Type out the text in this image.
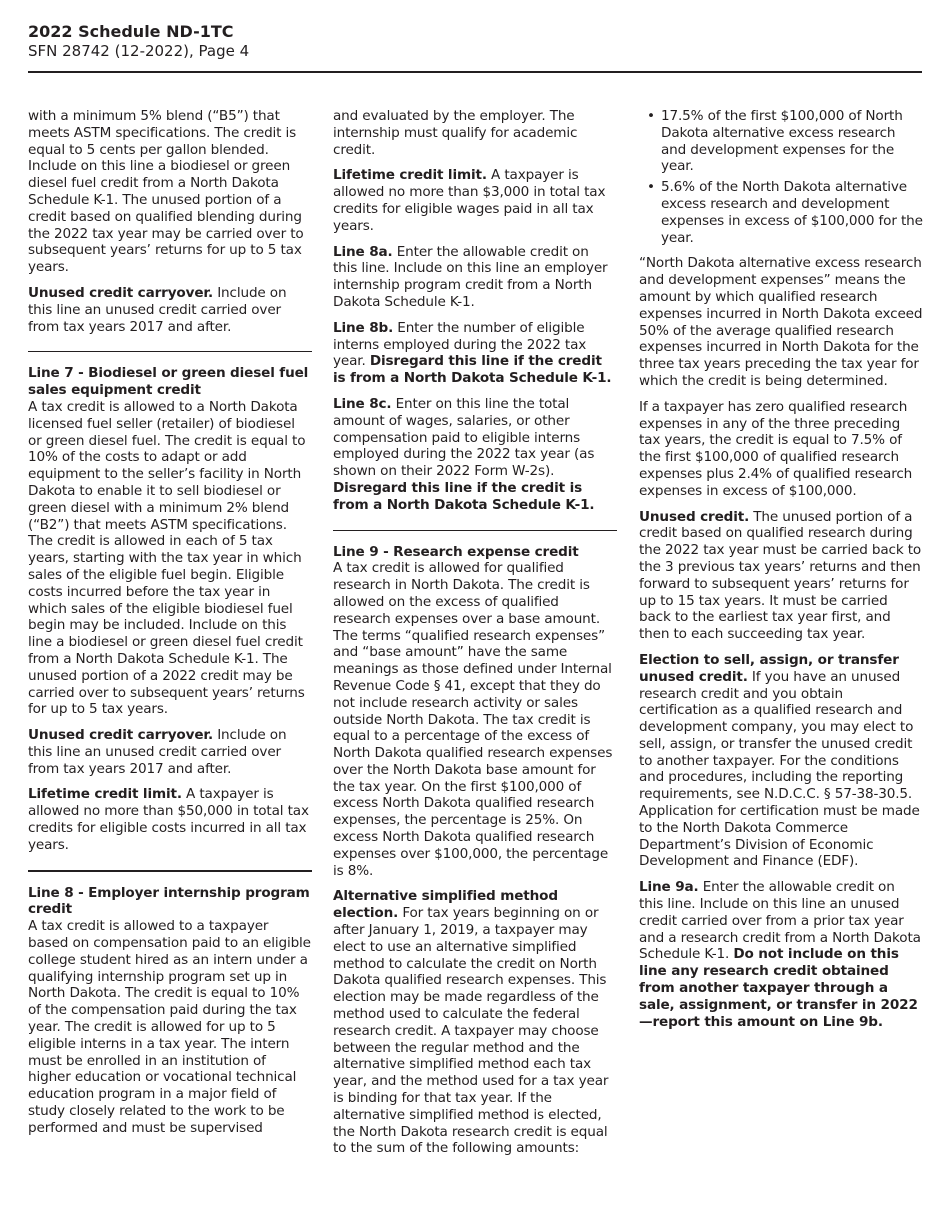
2022 Schedule ND-1TC
SFN 28742 (12-2022), Page 4

with a minimum 5% blend (“B5”) that meets ASTM specifications. The credit is equal to 5 cents per gallon blended. Include on this line a biodiesel or green diesel fuel credit from a North Dakota Schedule K-1. The unused portion of a credit based on qualified blending during the 2022 tax year may be carried over to subsequent years’ returns for up to 5 tax years.

Unused credit carryover. Include on this line an unused credit carried over from tax years 2017 and after.

Line 7 - Biodiesel or green diesel fuel sales equipment credit

A tax credit is allowed to a North Dakota licensed fuel seller (retailer) of biodiesel or green diesel fuel. The credit is equal to 10% of the costs to adapt or add equipment to the seller’s facility in North Dakota to enable it to sell biodiesel or green diesel with a minimum 2% blend (“B2”) that meets ASTM specifications. The credit is allowed in each of 5 tax years, starting with the tax year in which sales of the eligible fuel begin. Eligible costs incurred before the tax year in which sales of the eligible biodiesel fuel begin may be included. Include on this line a biodiesel or green diesel fuel credit from a North Dakota Schedule K-1. The unused portion of a 2022 credit may be carried over to subsequent years’ returns for up to 5 tax years.

Unused credit carryover. Include on this line an unused credit carried over from tax years 2017 and after.

Lifetime credit limit. A taxpayer is allowed no more than $50,000 in total tax credits for eligible costs incurred in all tax years.

Line 8 - Employer internship program credit

A tax credit is allowed to a taxpayer based on compensation paid to an eligible college student hired as an intern under a qualifying internship program set up in North Dakota. The credit is equal to 10% of the compensation paid during the tax year. The credit is allowed for up to 5 eligible interns in a tax year. The intern must be enrolled in an institution of higher education or vocational technical education program in a major field of study closely related to the work to be performed and must be supervised

and evaluated by the employer. The internship must qualify for academic credit.

Lifetime credit limit. A taxpayer is allowed no more than $3,000 in total tax credits for eligible wages paid in all tax years.

Line 8a. Enter the allowable credit on this line. Include on this line an employer internship program credit from a North Dakota Schedule K-1.

Line 8b. Enter the number of eligible interns employed during the 2022 tax year. Disregard this line if the credit is from a North Dakota Schedule K-1.

Line 8c. Enter on this line the total amount of wages, salaries, or other compensation paid to eligible interns employed during the 2022 tax year (as shown on their 2022 Form W-2s). Disregard this line if the credit is from a North Dakota Schedule K-1.

Line 9 - Research expense credit

A tax credit is allowed for qualified research in North Dakota. The credit is allowed on the excess of qualified research expenses over a base amount. The terms “qualified research expenses” and “base amount” have the same meanings as those defined under Internal Revenue Code § 41, except that they do not include research activity or sales outside North Dakota. The tax credit is equal to a percentage of the excess of North Dakota qualified research expenses over the North Dakota base amount for the tax year. On the first $100,000 of excess North Dakota qualified research expenses, the percentage is 25%. On excess North Dakota qualified research expenses over $100,000, the percentage is 8%.

Alternative simplified method election. For tax years beginning on or after January 1, 2019, a taxpayer may elect to use an alternative simplified method to calculate the credit on North Dakota qualified research expenses. This election may be made regardless of the method used to calculate the federal research credit. A taxpayer may choose between the regular method and the alternative simplified method each tax year, and the method used for a tax year is binding for that tax year. If the alternative simplified method is elected, the North Dakota research credit is equal to the sum of the following amounts:

• 17.5% of the first $100,000 of North Dakota alternative excess research and development expenses for the year.
• 5.6% of the North Dakota alternative excess research and development expenses in excess of $100,000 for the year.

“North Dakota alternative excess research and development expenses” means the amount by which qualified research expenses incurred in North Dakota exceed 50% of the average qualified research expenses incurred in North Dakota for the three tax years preceding the tax year for which the credit is being determined.

If a taxpayer has zero qualified research expenses in any of the three preceding tax years, the credit is equal to 7.5% of the first $100,000 of qualified research expenses plus 2.4% of qualified research expenses in excess of $100,000.

Unused credit. The unused portion of a credit based on qualified research during the 2022 tax year must be carried back to the 3 previous tax years’ returns and then forward to subsequent years’ returns for up to 15 tax years. It must be carried back to the earliest tax year first, and then to each succeeding tax year.

Election to sell, assign, or transfer unused credit. If you have an unused research credit and you obtain certification as a qualified research and development company, you may elect to sell, assign, or transfer the unused credit to another taxpayer. For the conditions and procedures, including the reporting requirements, see N.D.C.C. § 57-38-30.5. Application for certification must be made to the North Dakota Commerce Department’s Division of Economic Development and Finance (EDF).

Line 9a. Enter the allowable credit on this line. Include on this line an unused credit carried over from a prior tax year and a research credit from a North Dakota Schedule K-1. Do not include on this line any research credit obtained from another taxpayer through a sale, assignment, or transfer in 2022—report this amount on Line 9b.
